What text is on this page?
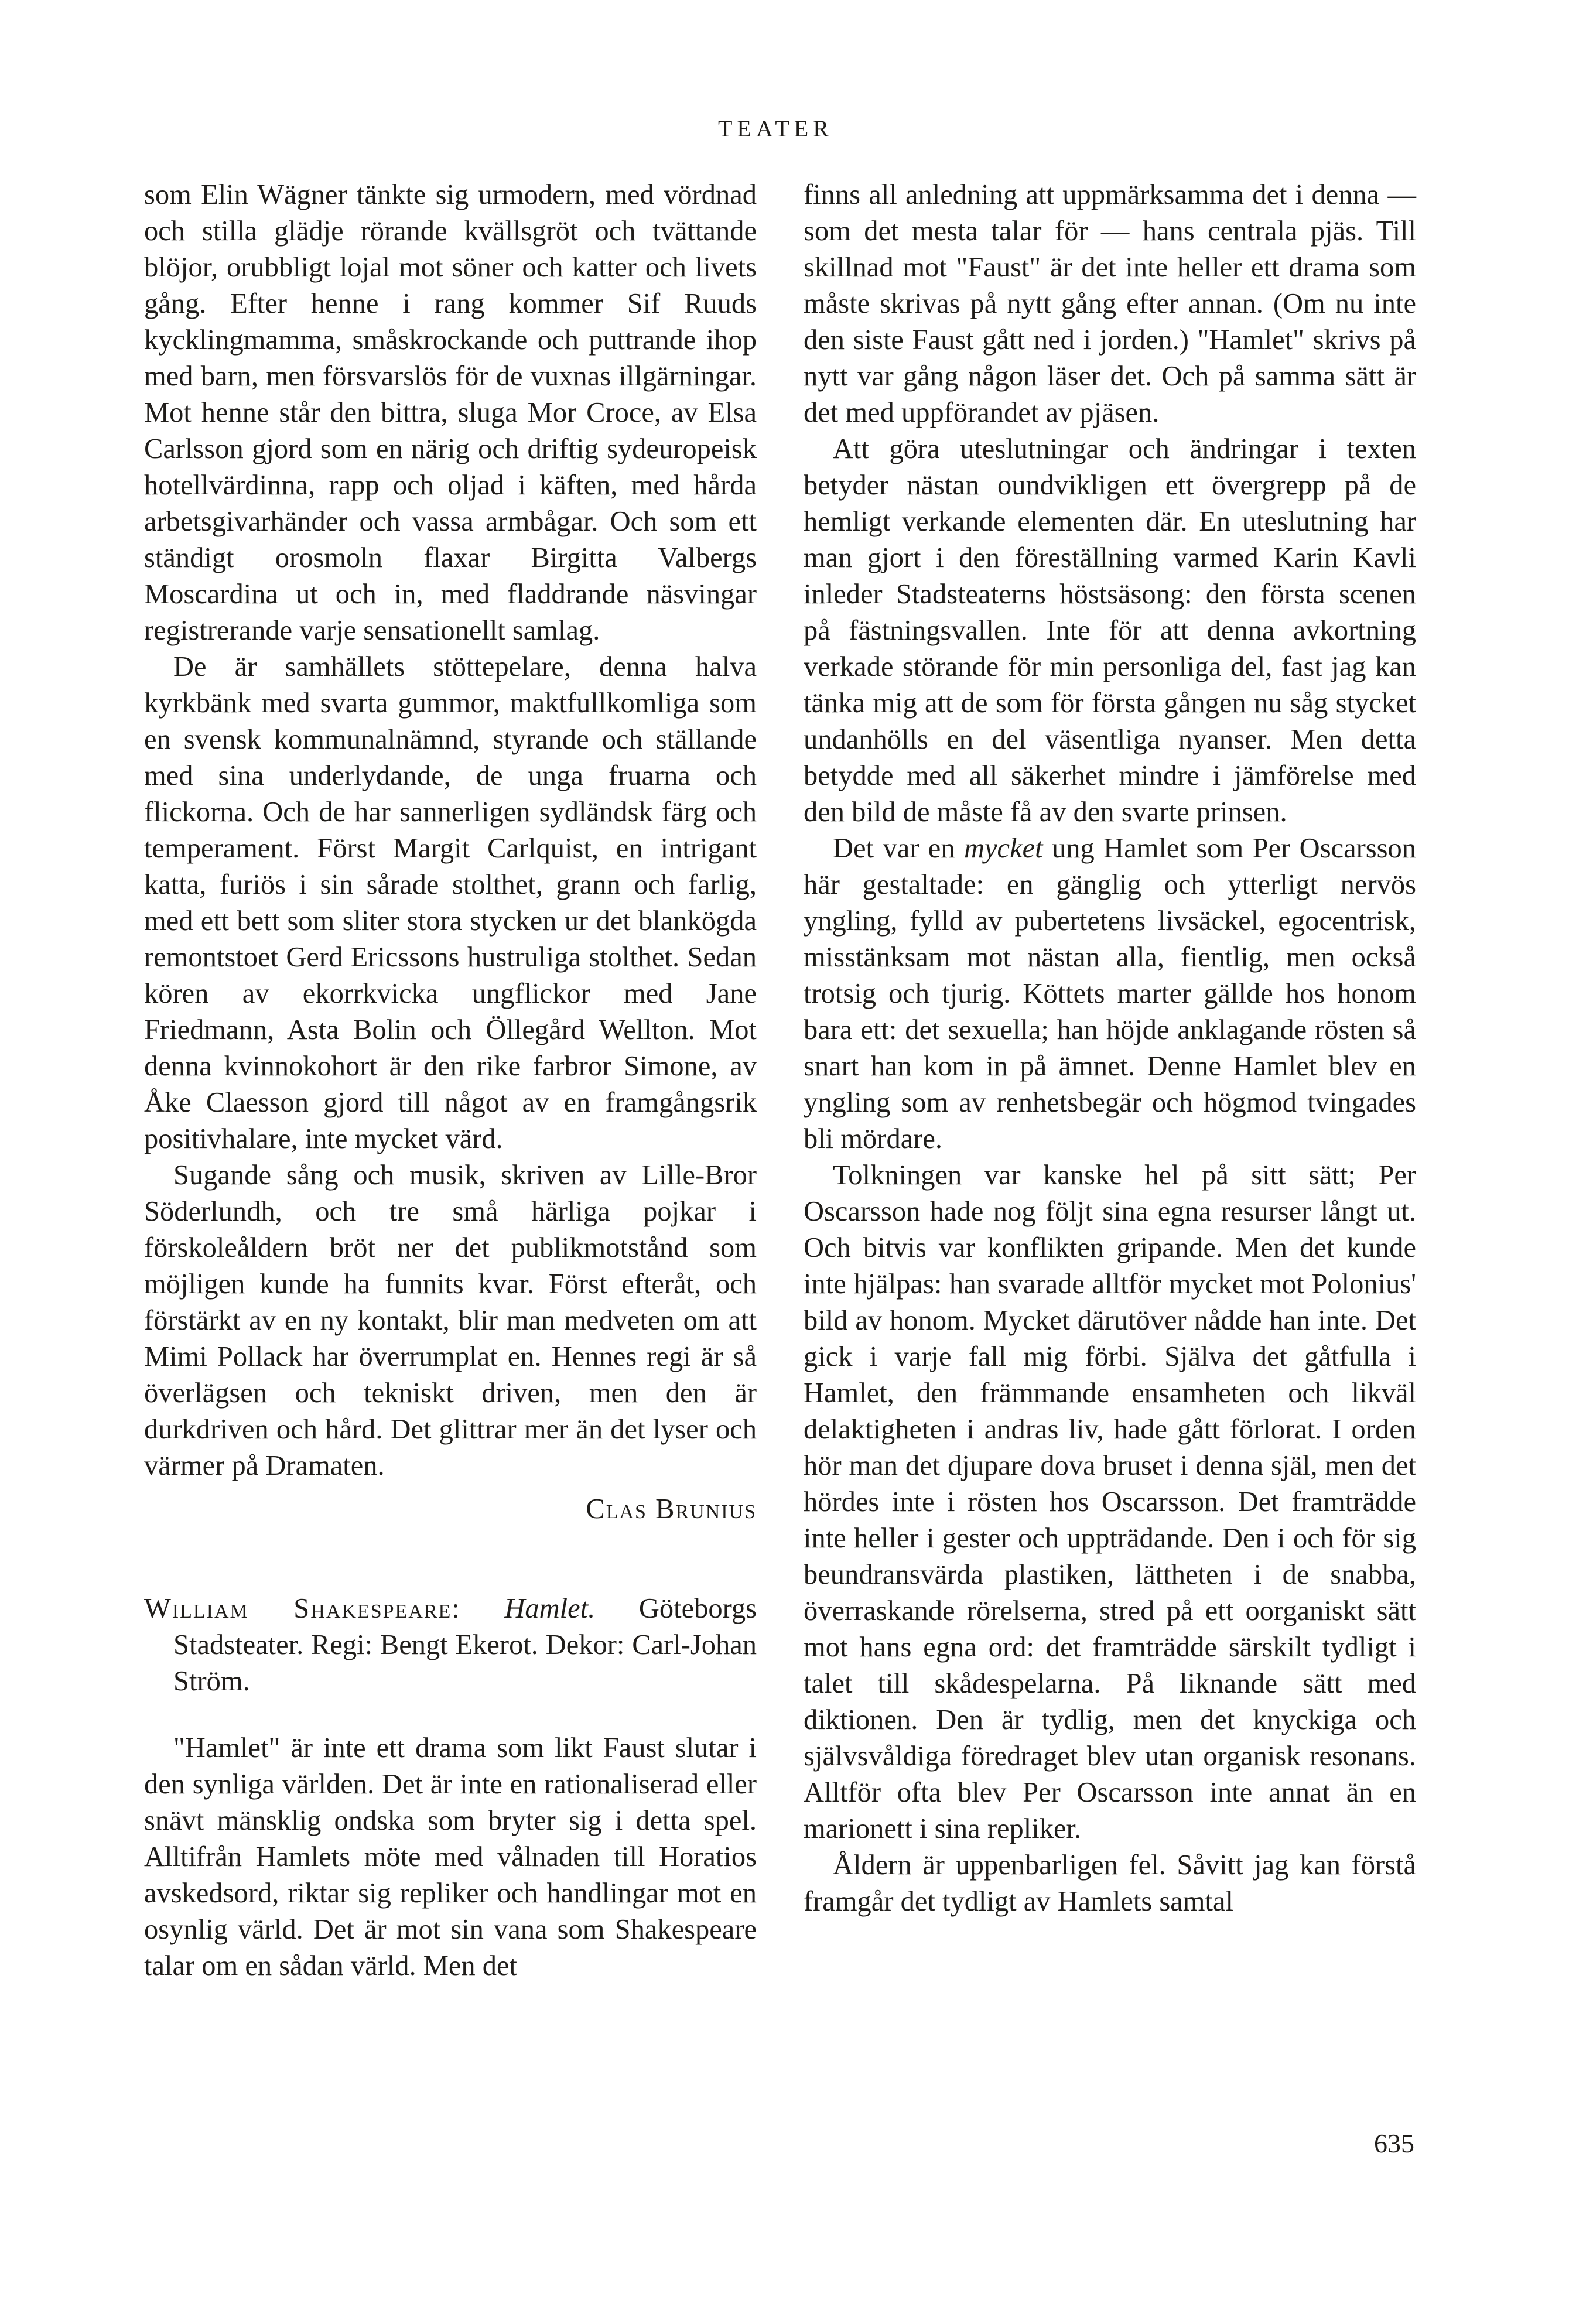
TEATER

som Elin Wägner tänkte sig urmodern, med vördnad och stilla glädje rörande kvällsgröt och tvättande blöjor, orubbligt lojal mot söner och katter och livets gång. Efter henne i rang kommer Sif Ruuds kycklingmamma, småskrockande och puttrande ihop med barn, men försvarslös för de vuxnas illgärningar. Mot henne står den bittra, sluga Mor Croce, av Elsa Carlsson gjord som en närig och driftig sydeuropeisk hotellvärdinna, rapp och oljad i käften, med hårda arbetsgivarhänder och vassa armbågar. Och som ett ständigt orosmoln flaxar Birgitta Valbergs Moscardina ut och in, med fladdrande näsvingar registrerande varje sensationellt samlag.

De är samhällets stöttepelare, denna halva kyrkbänk med svarta gummor, maktfullkomliga som en svensk kommunalnämnd, styrande och ställande med sina underlydande, de unga fruarna och flickorna. Och de har sannerligen sydländsk färg och temperament. Först Margit Carlquist, en intrigant katta, furiös i sin sårade stolthet, grann och farlig, med ett bett som sliter stora stycken ur det blankögda remontstoet Gerd Ericssons hustruliga stolthet. Sedan kören av ekorrkvicka ungflickor med Jane Friedmann, Asta Bolin och Öllegård Wellton. Mot denna kvinnokohort är den rike farbror Simone, av Åke Claesson gjord till något av en framgångsrik positivhalare, inte mycket värd.

Sugande sång och musik, skriven av Lille-Bror Söderlundh, och tre små härliga pojkar i förskoleåldern bröt ner det publikmotstånd som möjligen kunde ha funnits kvar. Först efteråt, och förstärkt av en ny kontakt, blir man medveten om att Mimi Pollack har överrumplat en. Hennes regi är så överlägsen och tekniskt driven, men den är durkdriven och hård. Det glittrar mer än det lyser och värmer på Dramaten.

Clas Brunius
William Shakespeare: Hamlet. Göteborgs Stadsteater. Regi: Bengt Ekerot. Dekor: Carl-Johan Ström.

"Hamlet" är inte ett drama som likt Faust slutar i den synliga världen. Det är inte en rationaliserad eller snävt mänsklig ondska som bryter sig i detta spel. Alltifrån Hamlets möte med vålnaden till Horatios avskedsord, riktar sig repliker och handlingar mot en osynlig värld. Det är mot sin vana som Shakespeare talar om en sådan värld. Men det

finns all anledning att uppmärksamma det i denna — som det mesta talar för — hans centrala pjäs. Till skillnad mot "Faust" är det inte heller ett drama som måste skrivas på nytt gång efter annan. (Om nu inte den siste Faust gått ned i jorden.) "Hamlet" skrivs på nytt var gång någon läser det. Och på samma sätt är det med uppförandet av pjäsen.

Att göra uteslutningar och ändringar i texten betyder nästan oundvikligen ett övergrepp på de hemligt verkande elementen där. En uteslutning har man gjort i den föreställning varmed Karin Kavli inleder Stadsteaterns höstsäsong: den första scenen på fästningsvallen. Inte för att denna avkortning verkade störande för min personliga del, fast jag kan tänka mig att de som för första gången nu såg stycket undanhölls en del väsentliga nyanser. Men detta betydde med all säkerhet mindre i jämförelse med den bild de måste få av den svarte prinsen.

Det var en mycket ung Hamlet som Per Oscarsson här gestaltade: en gänglig och ytterligt nervös yngling, fylld av pubertetens livsäckel, egocentrisk, misstänksam mot nästan alla, fientlig, men också trotsig och tjurig. Köttets marter gällde hos honom bara ett: det sexuella; han höjde anklagande rösten så snart han kom in på ämnet. Denne Hamlet blev en yngling som av renhetsbegär och högmod tvingades bli mördare.

Tolkningen var kanske hel på sitt sätt; Per Oscarsson hade nog följt sina egna resurser långt ut. Och bitvis var konflikten gripande. Men det kunde inte hjälpas: han svarade alltför mycket mot Polonius' bild av honom. Mycket därutöver nådde han inte. Det gick i varje fall mig förbi. Själva det gåtfulla i Hamlet, den främmande ensamheten och likväl delaktigheten i andras liv, hade gått förlorat. I orden hör man det djupare dova bruset i denna själ, men det hördes inte i rösten hos Oscarsson. Det framträdde inte heller i gester och uppträdande. Den i och för sig beundransvärda plastiken, lättheten i de snabba, överraskande rörelserna, stred på ett oorganiskt sätt mot hans egna ord: det framträdde särskilt tydligt i talet till skådespelarna. På liknande sätt med diktionen. Den är tydlig, men det knyckiga och självsvåldiga föredraget blev utan organisk resonans. Alltför ofta blev Per Oscarsson inte annat än en marionett i sina repliker.

Åldern är uppenbarligen fel. Såvitt jag kan förstå framgår det tydligt av Hamlets samtal

635
